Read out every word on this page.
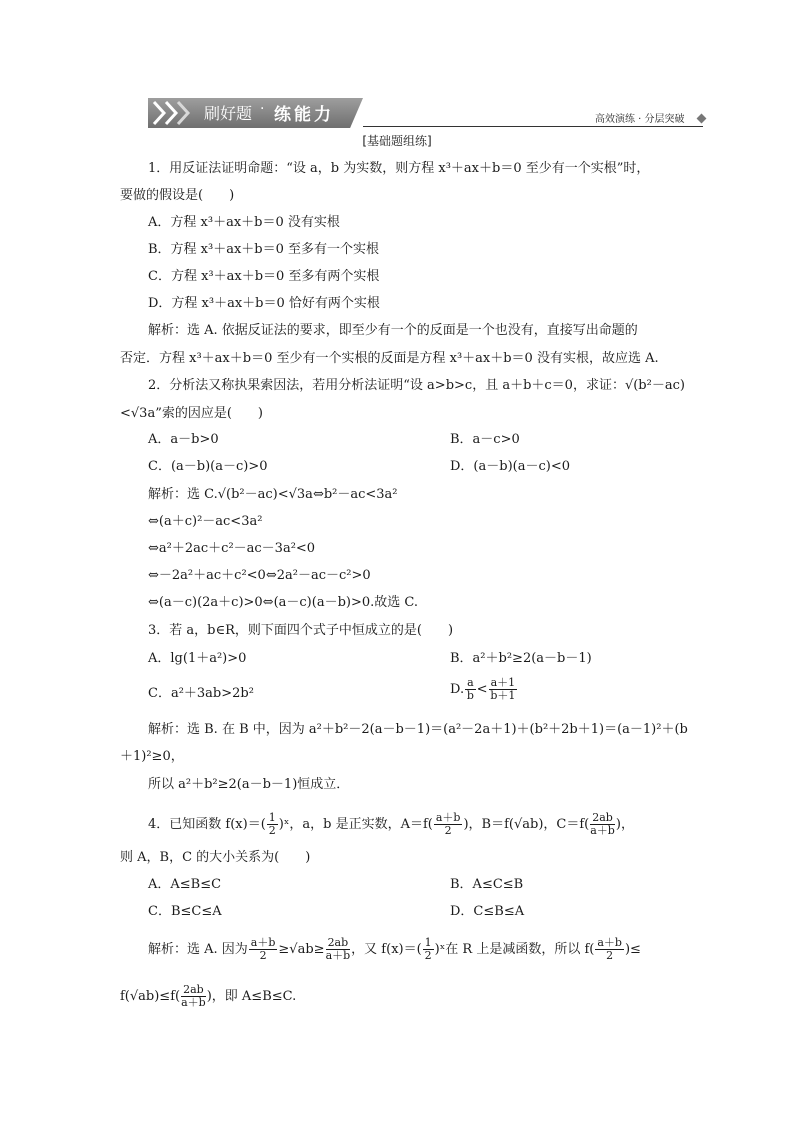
刷好题 · 练能力	高效演练 · 分层突破
[基础题组练]
1．用反证法证明命题：“设 a，b 为实数，则方程 x³＋ax＋b＝0 至少有一个实根”时，
要做的假设是(　　)
A．方程 x³＋ax＋b＝0 没有实根
B．方程 x³＋ax＋b＝0 至多有一个实根
C．方程 x³＋ax＋b＝0 至多有两个实根
D．方程 x³＋ax＋b＝0 恰好有两个实根
解析：选 A. 依据反证法的要求，即至少有一个的反面是一个也没有，直接写出命题的
否定．方程 x³＋ax＋b＝0 至少有一个实根的反面是方程 x³＋ax＋b＝0 没有实根，故应选 A.
2．分析法又称执果索因法，若用分析法证明“设 a>b>c，且 a＋b＋c＝0，求证：√(b²－ac)
<√3a”索的因应是(　　)
A．a－b>0	B．a－c>0
C．(a－b)(a－c)>0	D．(a－b)(a－c)<0
解析：选 C.√(b²－ac)<√3a⇔b²－ac<3a²
⇔(a＋c)²－ac<3a²
⇔a²＋2ac＋c²－ac－3a²<0
⇔－2a²＋ac＋c²<0⇔2a²－ac－c²>0
⇔(a－c)(2a＋c)>0⇔(a－c)(a－b)>0.故选 C.
3．若 a，b∈R，则下面四个式子中恒成立的是(　　)
A．lg(1＋a²)>0	B．a²＋b²≥2(a－b－1)
C．a²＋3ab>2b²	D. $\frac{a}{b} < \frac{a+1}{b+1}$
解析：选 B. 在 B 中，因为 a²＋b²－2(a－b－1)＝(a²－2a＋1)＋(b²＋2b＋1)＝(a－1)²＋(b
＋1)²≥0，
所以 a²＋b²≥2(a－b－1)恒成立．
4．已知函数 $f(x)=( \frac{1}{2}$ )ˣ，a，b 是正实数，$A=f( \frac{a+b}{2}$ )，B＝f(√ab)，$C=f( \frac{2ab}{a+b}$ )，
则 A，B，C 的大小关系为(　　)
A．A≤B≤C	B．A≤C≤B
C．B≤C≤A	D．C≤B≤A
解析：选 A. 因为 $\frac{a+b}{2} \ge√ab\ge \frac{2ab}{a+b}$ ，又 $f(x)=( \frac{1}{2}$ )ˣ在 R 上是减函数，所以 $f( \frac{a+b}{2}$ )≤
$f(√ab)\le f( \frac{2ab}{a+b}$ )，即 A≤B≤C.
